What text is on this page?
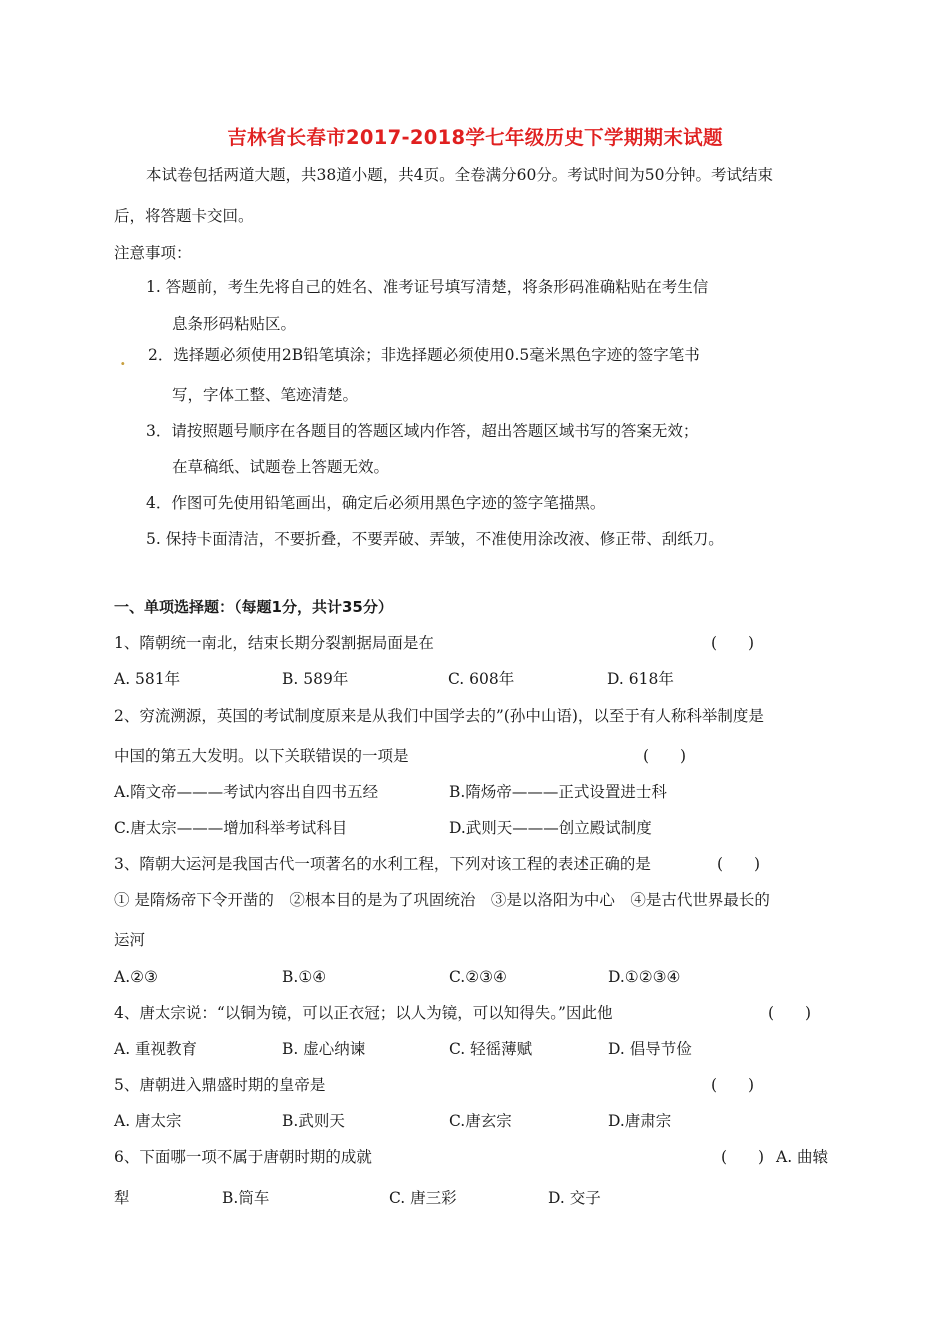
吉林省长春市2017-2018学七年级历史下学期期末试题
本试卷包括两道大题，共38道小题，共4页。全卷满分60分。考试时间为50分钟。考试结束
后，将答题卡交回。
注意事项：
1. 答题前，考生先将自己的姓名、准考证号填写清楚，将条形码准确粘贴在考生信
息条形码粘贴区。
. 2．选择题必须使用2B铅笔填涂；非选择题必须使用0.5毫米黑色字迹的签字笔书
写，字体工整、笔迹清楚。
3．请按照题号顺序在各题目的答题区域内作答，超出答题区域书写的答案无效；
在草稿纸、试题卷上答题无效。
4．作图可先使用铅笔画出，确定后必须用黑色字迹的签字笔描黑。
5. 保持卡面清洁，不要折叠，不要弄破、弄皱，不准使用涂改液、修正带、刮纸刀。
一、单项选择题：（每题1分，共计35分）
1、隋朝统一南北，结束长期分裂割据局面是在	(　　)
A. 581年	B. 589年	C. 608年	D. 618年
2、穷流溯源，英国的考试制度原来是从我们中国学去的”(孙中山语)，以至于有人称科举制度是
中国的第五大发明。以下关联错误的一项是	(　　)
A.隋文帝———考试内容出自四书五经	B.隋炀帝———正式设置进士科
C.唐太宗———增加科举考试科目	D.武则天———创立殿试制度
3、隋朝大运河是我国古代一项著名的水利工程，下列对该工程的表述正确的是	(　　)
① 是隋炀帝下令开凿的　②根本目的是为了巩固统治　③是以洛阳为中心　④是古代世界最长的
运河
A.②③	B.①④	C.②③④	D.①②③④
4、唐太宗说：“以铜为镜，可以正衣冠；以人为镜，可以知得失。”因此他	(　　)
A. 重视教育	B. 虚心纳谏	C. 轻徭薄赋	D. 倡导节俭
5、唐朝进入鼎盛时期的皇帝是	(　　)
A. 唐太宗	B.武则天	C.唐玄宗	D.唐肃宗
6、下面哪一项不属于唐朝时期的成就	(　　) A. 曲辕
犁	B.筒车	C. 唐三彩	D. 交子
